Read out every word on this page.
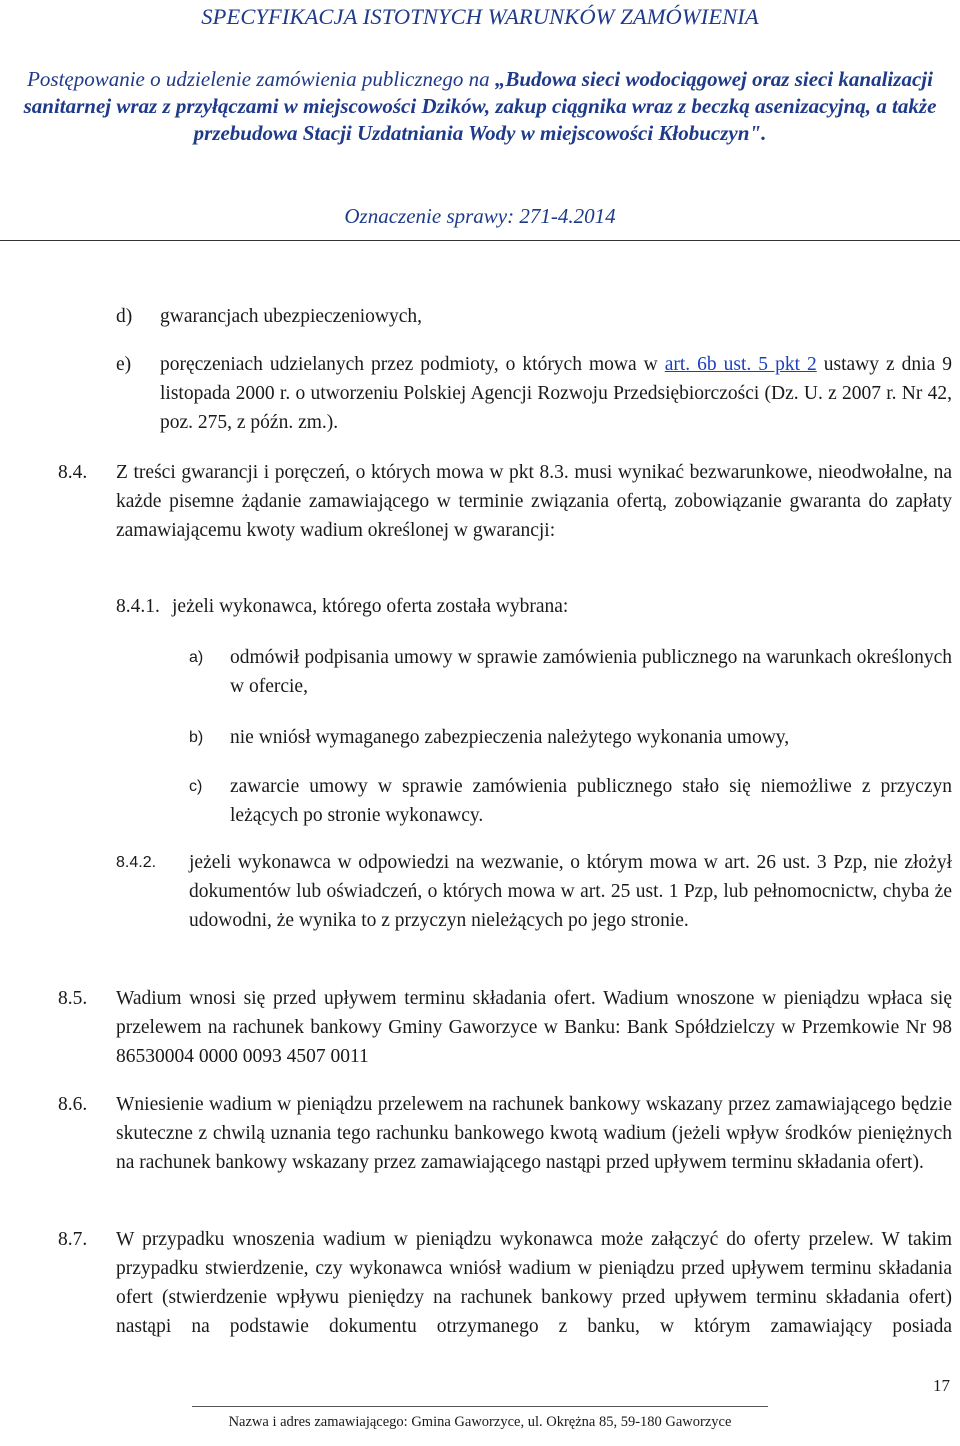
SPECYFIKACJA ISTOTNYCH WARUNKÓW ZAMÓWIENIA
Postępowanie o udzielenie zamówienia publicznego na „Budowa sieci wodociągowej oraz sieci kanalizacji sanitarnej wraz z przyłączami w miejscowości Dzików, zakup ciągnika wraz z beczką asenizacyjną, a także przebudowa Stacji Uzdatniania Wody w miejscowości Kłobuczyn".
Oznaczenie sprawy: 271-4.2014
d) gwarancjach ubezpieczeniowych,
e) poręczeniach udzielanych przez podmioty, o których mowa w art. 6b ust. 5 pkt 2 ustawy z dnia 9 listopada 2000 r. o utworzeniu Polskiej Agencji Rozwoju Przedsiębiorczości (Dz. U. z 2007 r. Nr 42, poz. 275, z późn. zm.).
8.4. Z treści gwarancji i poręczeń, o których mowa w pkt 8.3. musi wynikać bezwarunkowe, nieodwołalne, na każde pisemne żądanie zamawiającego w terminie związania ofertą, zobowiązanie gwaranta do zapłaty zamawiającemu kwoty wadium określonej w gwarancji:
8.4.1. jeżeli wykonawca, którego oferta została wybrana:
a) odmówił podpisania umowy w sprawie zamówienia publicznego na warunkach określonych w ofercie,
b) nie wniósł wymaganego zabezpieczenia należytego wykonania umowy,
c) zawarcie umowy w sprawie zamówienia publicznego stało się niemożliwe z przyczyn leżących po stronie wykonawcy.
8.4.2. jeżeli wykonawca w odpowiedzi na wezwanie, o którym mowa w art. 26 ust. 3 Pzp, nie złożył dokumentów lub oświadczeń, o których mowa w art. 25 ust. 1 Pzp, lub pełnomocnictw, chyba że udowodni, że wynika to z przyczyn nieleżących po jego stronie.
8.5. Wadium wnosi się przed upływem terminu składania ofert. Wadium wnoszone w pieniądzu wpłaca się przelewem na rachunek bankowy Gminy Gaworzyce w Banku: Bank Spółdzielczy w Przemkowie Nr 98 86530004 0000 0093 4507 0011
8.6. Wniesienie wadium w pieniądzu przelewem na rachunek bankowy wskazany przez zamawiającego będzie skuteczne z chwilą uznania tego rachunku bankowego kwotą wadium (jeżeli wpływ środków pieniężnych na rachunek bankowy wskazany przez zamawiającego nastąpi przed upływem terminu składania ofert).
8.7. W przypadku wnoszenia wadium w pieniądzu wykonawca może załączyć do oferty przelew. W takim przypadku stwierdzenie, czy wykonawca wniósł wadium w pieniądzu przed upływem terminu składania ofert (stwierdzenie wpływu pieniędzy na rachunek bankowy przed upływem terminu składania ofert) nastąpi na podstawie dokumentu otrzymanego z banku, w którym zamawiający posiada
17
Nazwa i adres zamawiającego: Gmina Gaworzyce, ul. Okrężna 85, 59-180 Gaworzyce
